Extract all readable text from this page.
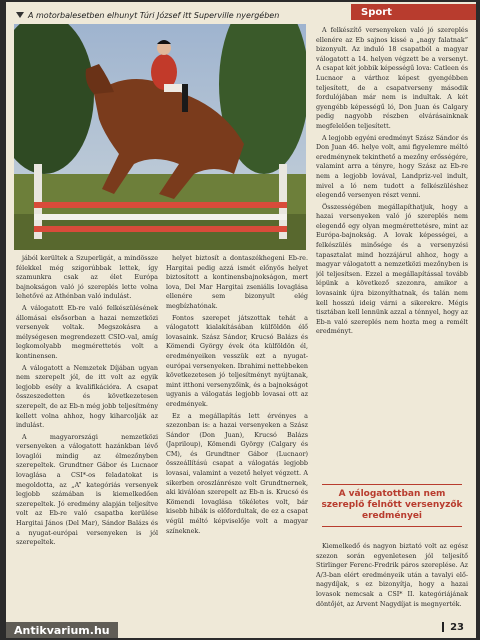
A motorbalesetben elhunyt Túri József itt Superville nyergében	Sport

jából kerültek a Szuperligát, a mindössze félekkel még szigorúbbak lettek, így szamunkra csak az élet Európa bajnokságon való jó szereplés lette volna lehetővé az Athénban való indulást.

A válogatott Eb-re való felkészülésének állomásai elsősorban a hazai nemzetközi versenyek voltak. Megszokásra a mélységesen megrendezett CSIO-val, amíg legkomolyabb megmérettetés volt a kontinensen.

A válogatott a Nemzetek Díjában ugyan nem szerepelt jól, de itt volt az egyik legjobb esély a kvalifikációra. A csapat összeszedetten és következetesen szerepelt, de az Eb-n még jobb teljesítmény kellett volna ahhoz, hogy kiharcolják az indulást.

A magyarországi nemzetközi versenyeken a válogatott hazánkban lévő lovaglói mindig az élmezőnyben szerepeltek. Grundtner Gábor és Lucnaor lovaglása a CSI*-os feladatokat is megoldotta, az „A” kategóriás versenyek legjobb számában is kiemelkedően szerepeltek. Jó eredmény alapján teljesítve volt az Eb-re való csapatba kerülése Hargitai János (Del Mar), Sándor Balázs és a nyugat-európai versenyeken is jól szerepeltek.

helyet biztosít a dontaszékhegeni Eb-re. Hargitai pedig azzá ismét előnyös helyet biztosított a kontinensbajnokságon, mert lova, Del Mar Hargitai zseniális lovaglása ellenére sem bizonyult elég megbízhatónak.

Fontos szerepet játszottak tehát a válogatott kialakításában külföldön élő lovasaink. Szász Sándor, Krucsó Balázs és Kömendi György évek óta külföldön él, eredményeiken vesszük ezt a nyugat-európai versenyeken. Ibrahimi nettebbeken következetesen jó teljesítményt nyújtanak, mint itthoni versenyzőink, és a bajnokságot ugyanis a válogatás legjobb lovasai ott az eredmények.

Ez a megállapítás lett érvényes a szezonban is: a hazai versenyeken a Szász Sándor (Don Juan), Krucsó Balázs (Japriloup), Kömendi György (Calgary és CM), és Grundtner Gábor (Lucnaor) összeállítású csapat a válogatás legjobb lovasai, valamint a vezető helyet végzett. A sikerben oroszlánrésze volt Grundtnernek, aki kiválóan szerepelt az Eb-n is. Krucsó és Kömendi lovaglása tökéletes volt, bár kisebb hibák is előfordultak, de ez a csapat végül méltó képviselője volt a magyar színeknek.

A felkészítő versenyeken való jó szereplés ellenére az Eb sajnos kissé a „nagy falatnak” bizonyult. Az induló 18 csapatból a magyar válogatott a 14. helyen végzett be a versenyt. A csapat két jobbik képességű lova: Catleen és Lucnaor a várthoz képest gyengébben teljesített, de a csapatverseny második fordulójában már nem is indultak. A két gyengébb képességű ló, Don Juan és Calgary pedig nagyobb részben elvárásainknak megfelelően teljesített.

A legjobb egyéni eredményt Szász Sándor és Don Juan 46. helye volt, ami figyelemre méltó eredménynek tekinthető a mezőny erősségére, valamint arra a tényre, hogy Szász az Eb-re nem a legjobb lovával, Landpriz-vel indult, mivel a ló nem tudott a felkészüléshez elegendő versenyen részt venni.

Összességében megállapíthatjuk, hogy a hazai versenyeken való jó szereplés nem elegendő egy olyan megmérettetésre, mint az Európa-bajnokság. A lovak képességei, a felkészülés minősége és a versenyzési tapasztalat mind hozzájárul ahhoz, hogy a magyar válogatott a nemzetközi mezőnyben is jól teljesítsen. Ezzel a megállapítással tovább lépünk a következő szezonra, amikor a lovasaink újra bizonyíthatnak, és talán nem kell hosszú ideig várni a sikerekre. Mégis tisztában kell lennünk azzal a ténnyel, hogy az Eb-n való szereplés nem hozta meg a remélt eredményt.

A válogatottban nem szereplő felnőtt versenyzők eredményei

Kiemelkedő és nagyon biztató volt az egész szezon során egyenletesen jól teljesítő Stirlinger Ferenc-Fredrik páros szereplése. Az A/3-ban elért eredményeik után a tavalyi elő nagydíjak, s ez bizonyítja, hogy a hazai lovasok nemcsak a CSI* II. kategóriájának döntőjét, az Arvent Nagydíjat is megnyerték.

23
Antikvarium.hu
